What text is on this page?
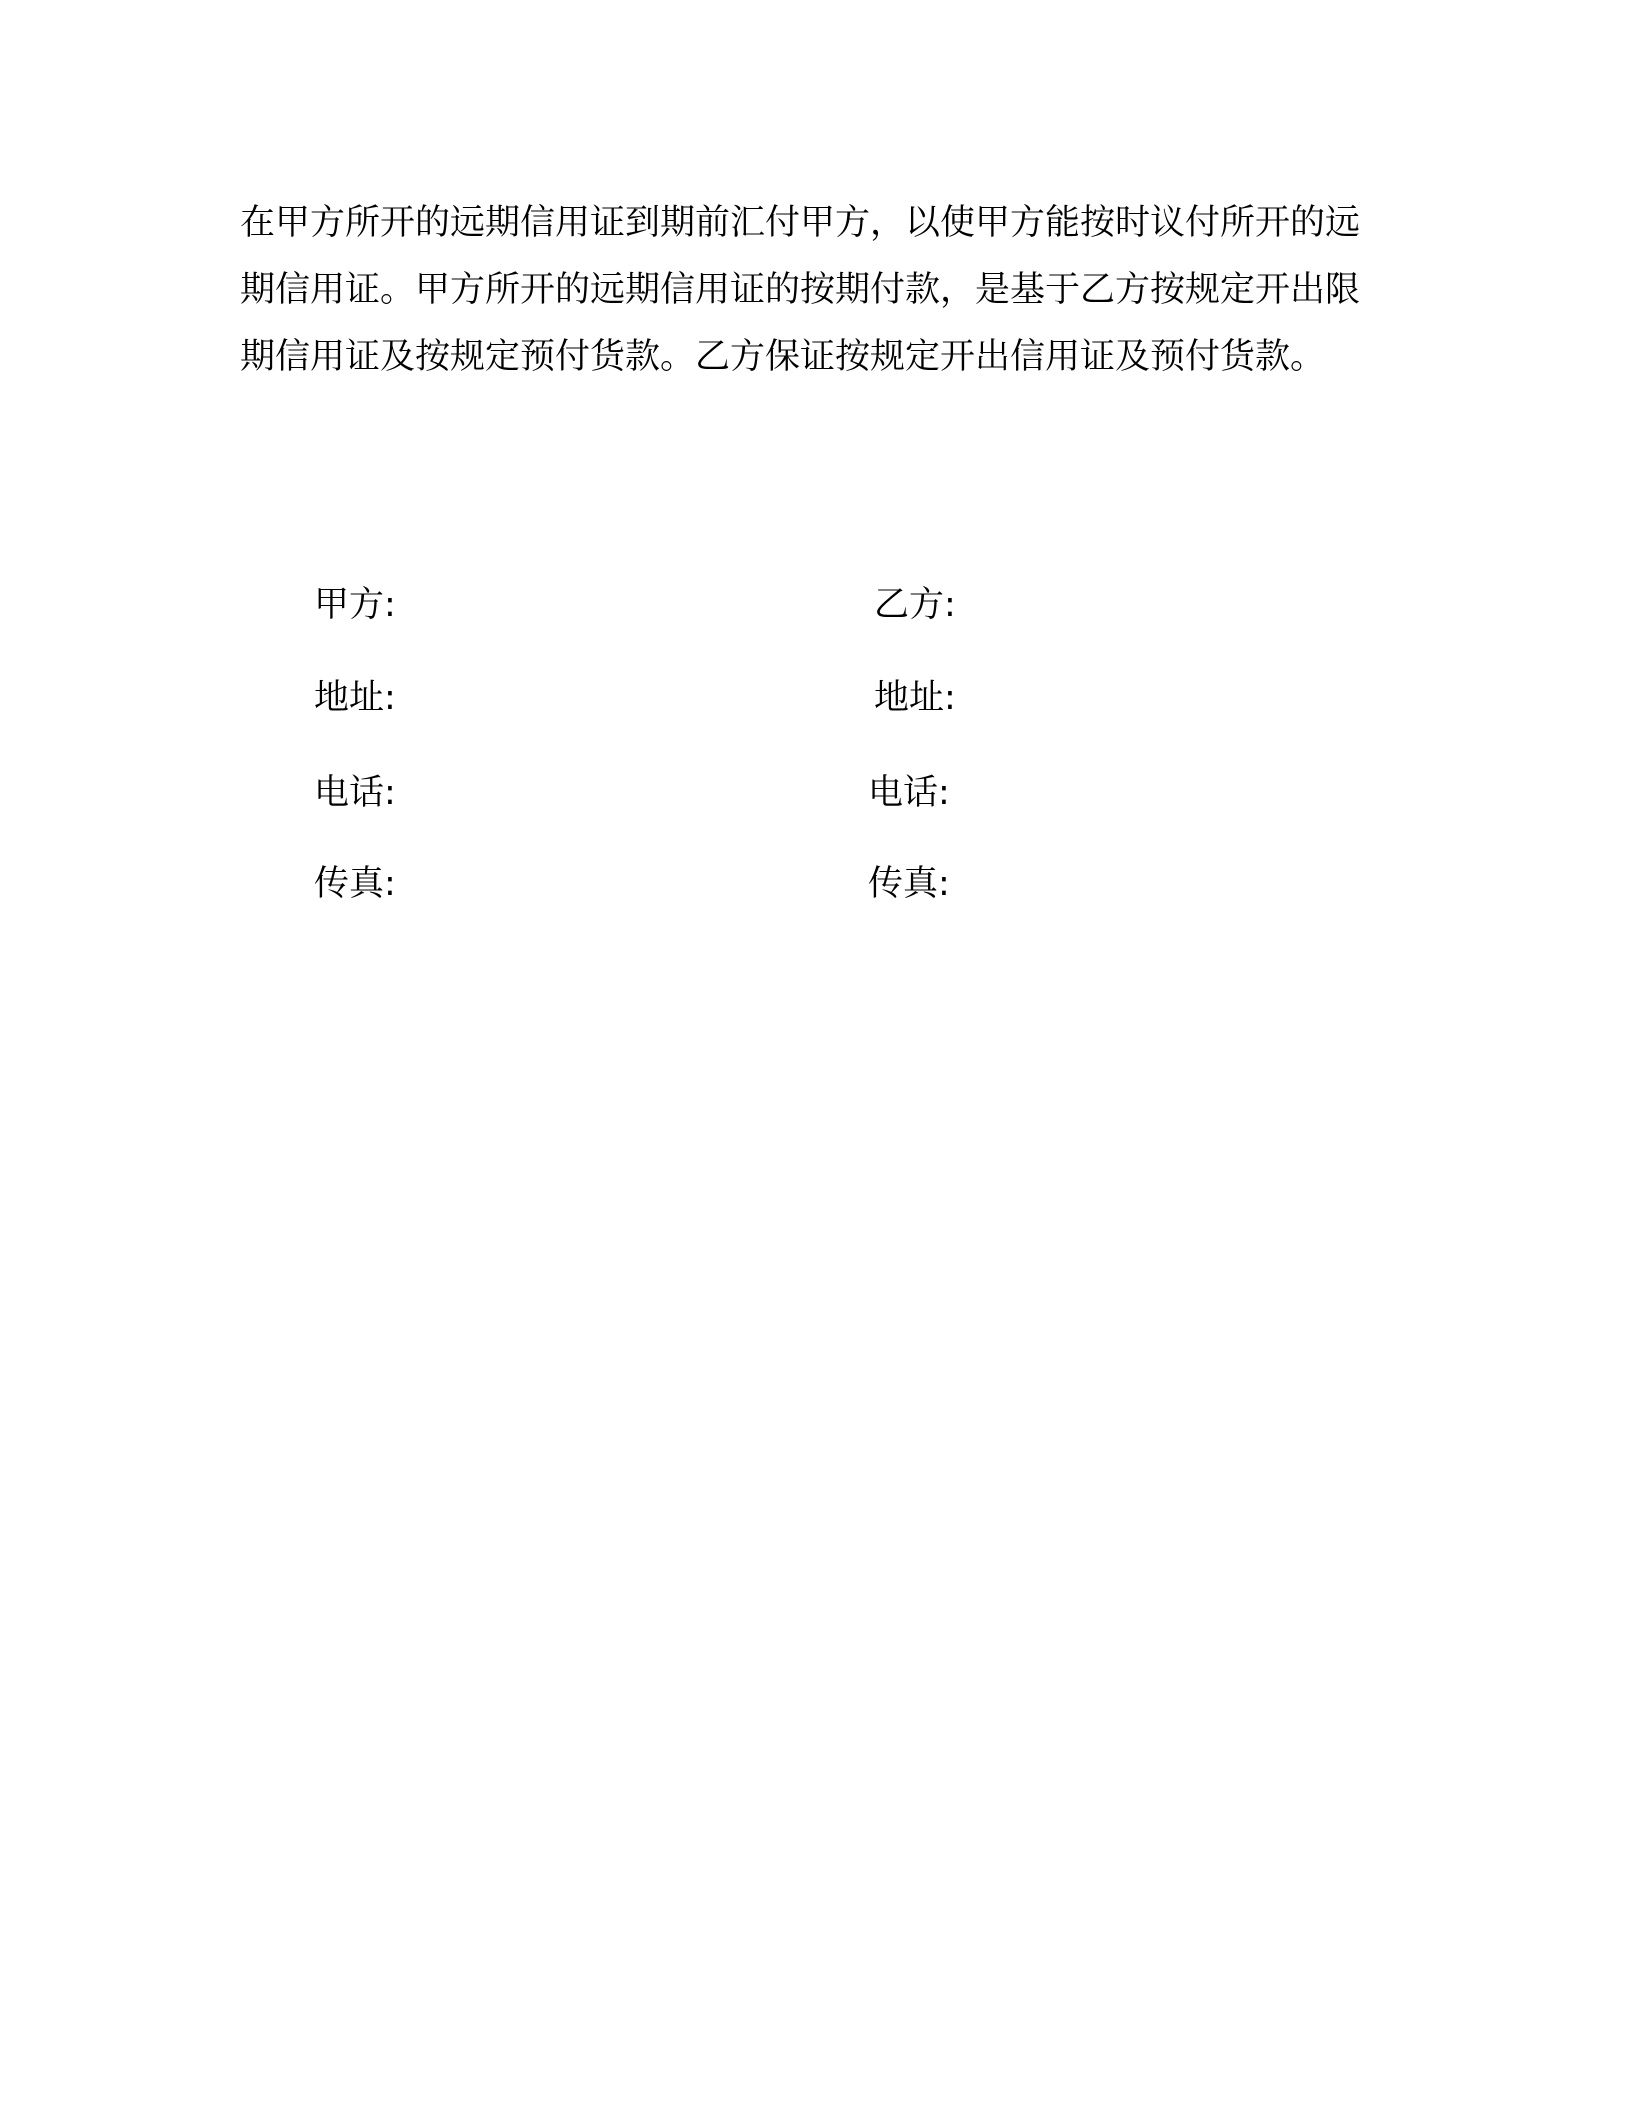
在甲方所开的远期信用证到期前汇付甲方，以使甲方能按时议付所开的远期信用证。甲方所开的远期信用证的按期付款，是基于乙方按规定开出限期信用证及按规定预付货款。乙方保证按规定开出信用证及预付货款。

甲方:	乙方:
地址:	地址:
电话:	电话:
传真:	传真:
